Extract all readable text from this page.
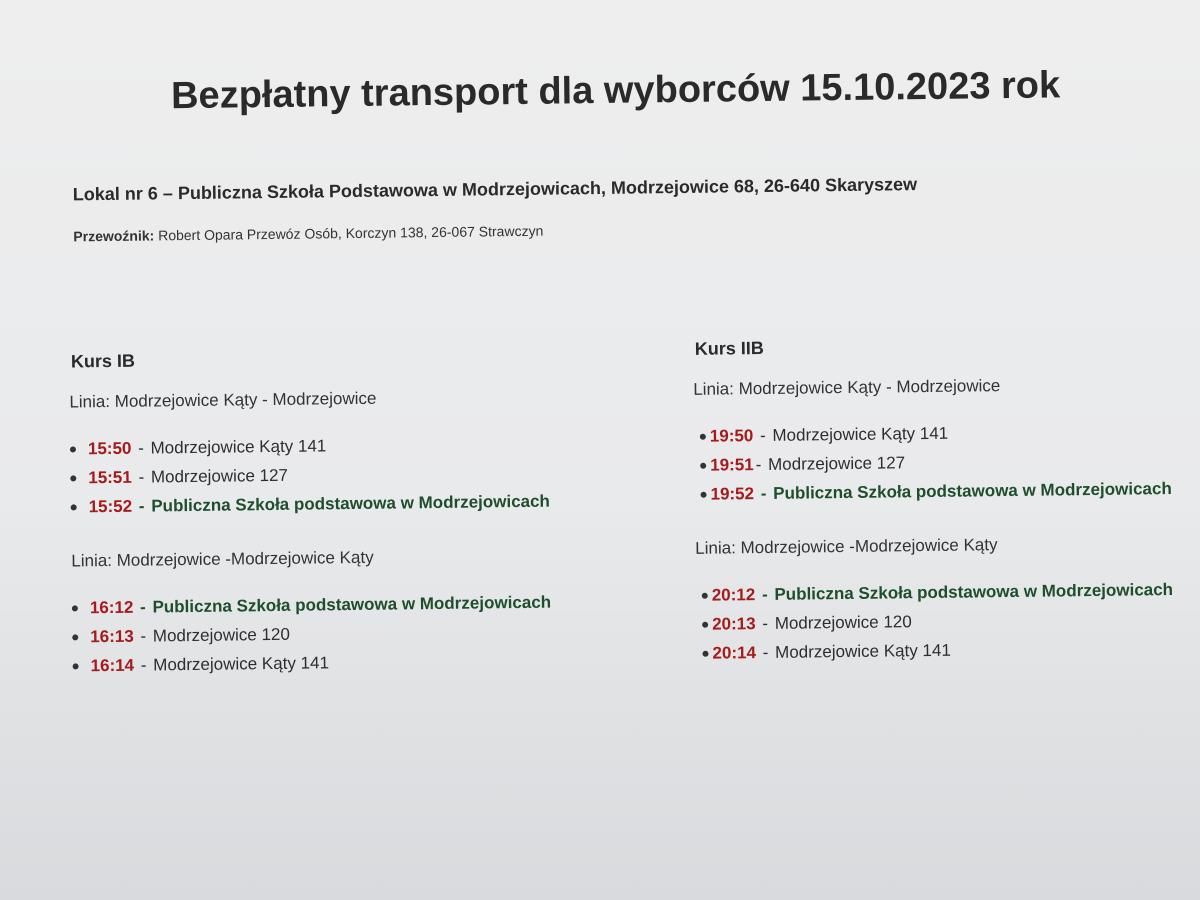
Bezpłatny transport dla wyborców 15.10.2023 rok
Lokal nr 6 – Publiczna Szkoła Podstawowa w Modrzejowicach, Modrzejowice 68, 26-640 Skaryszew
Przewoźnik: Robert Opara Przewóz Osób, Korczyn 138, 26-067 Strawczyn
Kurs IB
Linia: Modrzejowice Kąty - Modrzejowice
15:50 - Modrzejowice Kąty 141
15:51 - Modrzejowice 127
15:52 - Publiczna Szkoła podstawowa w Modrzejowicach
Linia: Modrzejowice -Modrzejowice Kąty
16:12 - Publiczna Szkoła podstawowa w Modrzejowicach
16:13 - Modrzejowice 120
16:14 - Modrzejowice Kąty 141
Kurs IIB
Linia: Modrzejowice Kąty - Modrzejowice
19:50 - Modrzejowice Kąty 141
19:51 - Modrzejowice 127
19:52 - Publiczna Szkoła podstawowa w Modrzejowicach
Linia: Modrzejowice -Modrzejowice Kąty
20:12 - Publiczna Szkoła podstawowa w Modrzejowicach
20:13 - Modrzejowice 120
20:14 - Modrzejowice Kąty 141
